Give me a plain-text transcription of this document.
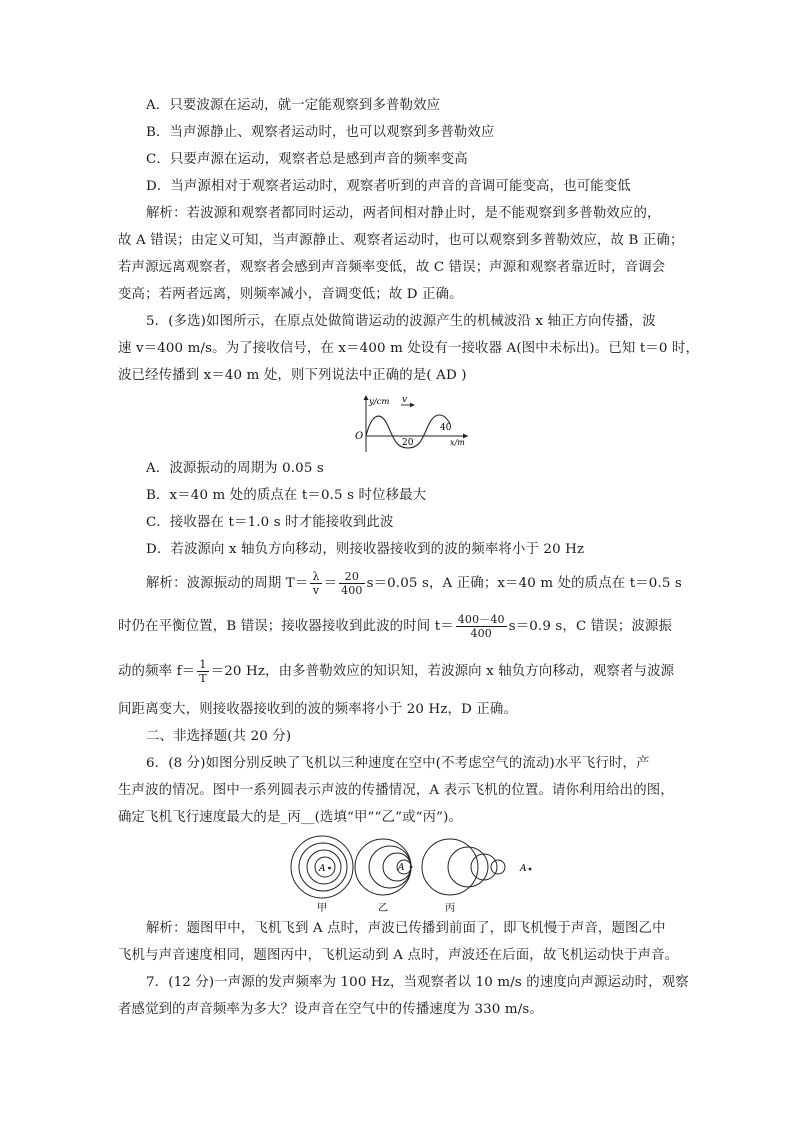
A．只要波源在运动，就一定能观察到多普勒效应
B．当声源静止、观察者运动时，也可以观察到多普勒效应
C．只要声源在运动，观察者总是感到声音的频率变高
D．当声源相对于观察者运动时，观察者听到的声音的音调可能变高，也可能变低
解析：若波源和观察者都同时运动，两者间相对静止时，是不能观察到多普勒效应的，
故 A 错误；由定义可知，当声源静止、观察者运动时，也可以观察到多普勒效应，故 B 正确；
若声源远离观察者，观察者会感到声音频率变低，故 C 错误；声源和观察者靠近时，音调会
变高；若两者远离，则频率减小，音调变低；故 D 正确。
5．(多选)如图所示，在原点处做简谐运动的波源产生的机械波沿 x 轴正方向传播，波
速 v＝400 m/s。为了接收信号，在 x＝400 m 处设有一接收器 A(图中未标出)。已知 t＝0 时，
波已经传播到 x＝40 m 处，则下列说法中正确的是( AD )
y/cm v
O
20
40
x/m
A．波源振动的周期为 0.05 s
B．x＝40 m 处的质点在 t＝0.5 s 时位移最大
C．接收器在 t＝1.0 s 时才能接收到此波
D．若波源向 x 轴负方向移动，则接收器接收到的波的频率将小于 20 Hz
解析：波源振动的周期 $T= \frac{\lambda}{v} = \frac{20}{400} s=0.05$ s，A 正确；x＝40 m 处的质点在 t＝0.5 s
时仍在平衡位置，B 错误；接收器接收到此波的时间 $t= \frac{400-40}{400} s=0.9$ s，C 错误；波源振
动的频率 $f= \frac{1}{T} =20$ Hz，由多普勒效应的知识知，若波源向 x 轴负方向移动，观察者与波源
间距离变大，则接收器接收到的波的频率将小于 20 Hz，D 正确。
二、非选择题(共 20 分)
6．(8 分)如图分别反映了飞机以三种速度在空中(不考虑空气的流动)水平飞行时，产
生声波的情况。图中一系列圆表示声波的传播情况，A 表示飞机的位置。请你利用给出的图，
确定飞机飞行速度最大的是_丙__(选填“甲”“乙”或“丙”)。
A
甲
A
乙
A
丙
解析：题图甲中，飞机飞到 A 点时，声波已传播到前面了，即飞机慢于声音，题图乙中
飞机与声音速度相同，题图丙中，飞机运动到 A 点时，声波还在后面，故飞机运动快于声音。
7．(12 分)一声源的发声频率为 100 Hz，当观察者以 10 m/s 的速度向声源运动时，观察
者感觉到的声音频率为多大？设声音在空气中的传播速度为 330 m/s。
